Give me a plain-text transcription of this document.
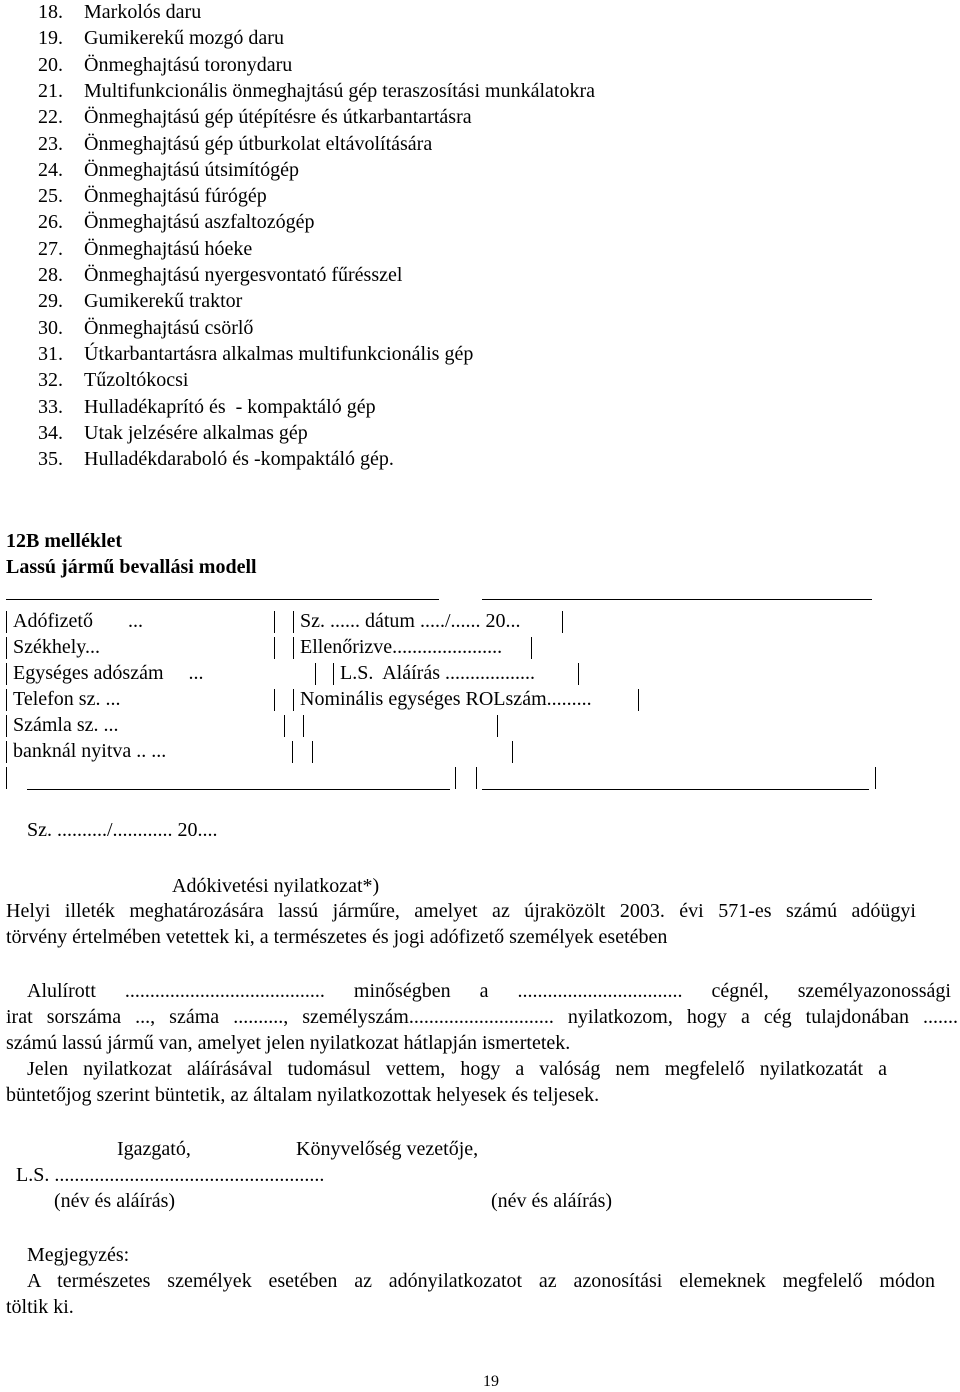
18. Markolós daru
19. Gumikerekű mozgó daru
20. Önmeghajtású toronydaru
21. Multifunkcionális önmeghajtású gép teraszosítási munkálatokra
22. Önmeghajtású gép útépítésre és útkarbantartásra
23. Önmeghajtású gép útburkolat eltávolítására
24. Önmeghajtású útsimítógép
25. Önmeghajtású fúrógép
26. Önmeghajtású aszfaltozógép
27. Önmeghajtású hóeke
28. Önmeghajtású nyergesvontató fűrésszel
29. Gumikerekű traktor
30. Önmeghajtású csörlő
31. Útkarbantartásra alkalmas multifunkcionális gép
32. Tűzoltókocsi
33. Hulladékaprító és  - kompaktáló gép
34. Utak jelzésére alkalmas gép
35. Hulladékdaraboló és -kompaktáló gép.
12B melléklet
Lassú jármű bevallási modell
Adófizető       ...	Sz. ...... dátum ...../...... 20...
Székhely...	Ellenőrizve......................
Egységes adószám     ...	L.S.  Aláírás ..................
Telefon sz. ...	Nominális egységes ROLszám.........
Számla sz. ...
banknál nyitva .. ...
Sz. ........../............ 20....
Adókivetési nyilatkozat*)
Helyi illeték meghatározására lassú járműre, amelyet az újraközölt 2003. évi 571-es számú adóügyi
törvény értelmében vetettek ki, a természetes és jogi adófizető személyek esetében
Alulírott ........................................ minőségben a ................................. cégnél, személyazonossági
irat sorszáma ..., száma .........., személyszám............................. nyilatkozom, hogy a cég tulajdonában .......
számú lassú jármű van, amelyet jelen nyilatkozat hátlapján ismertetek.
Jelen nyilatkozat aláírásával tudomásul vettem, hogy a valóság nem megfelelő nyilatkozatát a
büntetőjog szerint büntetik, az általam nyilatkozottak helyesek és teljesek.
Igazgató,	Könyvelőség vezetője,
L.S. ......................................................
(név és aláírás)	(név és aláírás)
Megjegyzés:
A természetes személyek esetében az adónyilatkozatot az azonosítási elemeknek megfelelő módon
töltik ki.
19
